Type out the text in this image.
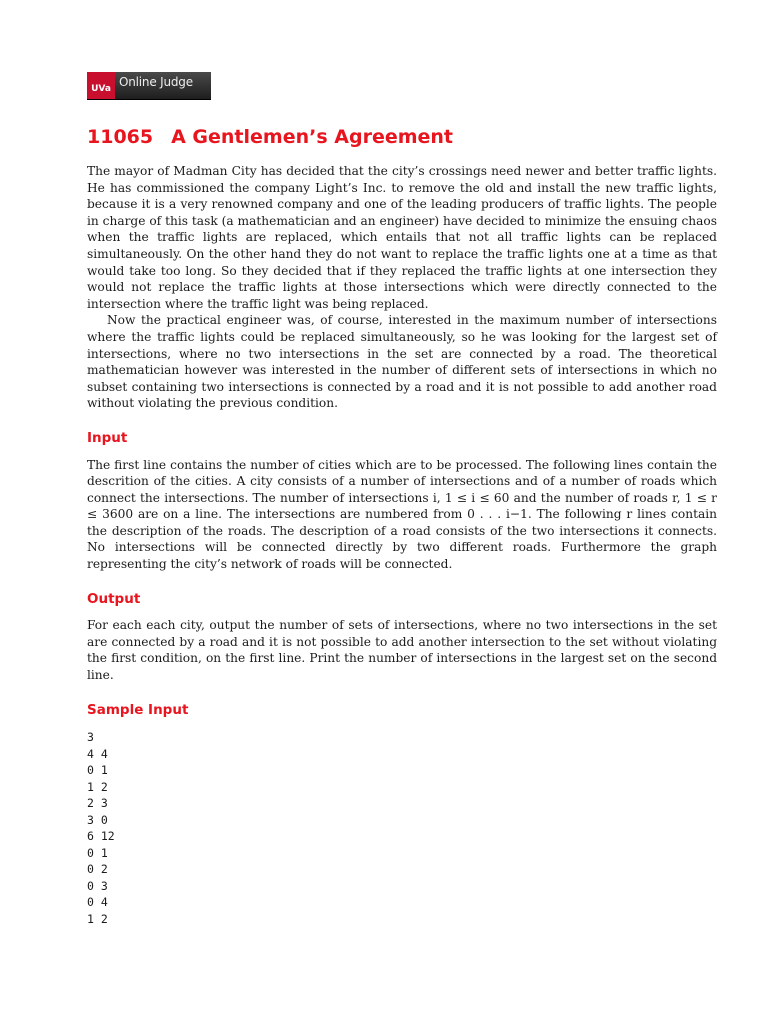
UVa Online Judge
11065 A Gentlemen’s Agreement

The mayor of Madman City has decided that the city’s crossings need newer and better traffic lights. He has commissioned the company Light’s Inc. to remove the old and install the new traffic lights, because it is a very renowned company and one of the leading producers of traffic lights. The people in charge of this task (a mathematician and an engineer) have decided to minimize the ensuing chaos when the traffic lights are replaced, which entails that not all traffic lights can be replaced simultaneously. On the other hand they do not want to replace the traffic lights one at a time as that would take too long. So they decided that if they replaced the traffic lights at one intersection they would not replace the traffic lights at those intersections which were directly connected to the intersection where the traffic light was being replaced.

Now the practical engineer was, of course, interested in the maximum number of intersections where the traffic lights could be replaced simultaneously, so he was looking for the largest set of intersections, where no two intersections in the set are connected by a road. The theoretical mathematician however was interested in the number of different sets of intersections in which no subset containing two intersections is connected by a road and it is not possible to add another road without violating the previous condition.

Input

The first line contains the number of cities which are to be processed. The following lines contain the descrition of the cities. A city consists of a number of intersections and of a number of roads which connect the intersections. The number of intersections i, 1 ≤ i ≤ 60 and the number of roads r, 1 ≤ r ≤ 3600 are on a line. The intersections are numbered from 0 . . . i−1. The following r lines contain the description of the roads. The description of a road consists of the two intersections it connects. No intersections will be connected directly by two different roads. Furthermore the graph representing the city’s network of roads will be connected.

Output

For each each city, output the number of sets of intersections, where no two intersections in the set are connected by a road and it is not possible to add another intersection to the set without violating the first condition, on the first line. Print the number of intersections in the largest set on the second line.

Sample Input
3
4 4
0 1
1 2
2 3
3 0
6 12
0 1
0 2
0 3
0 4
1 2
